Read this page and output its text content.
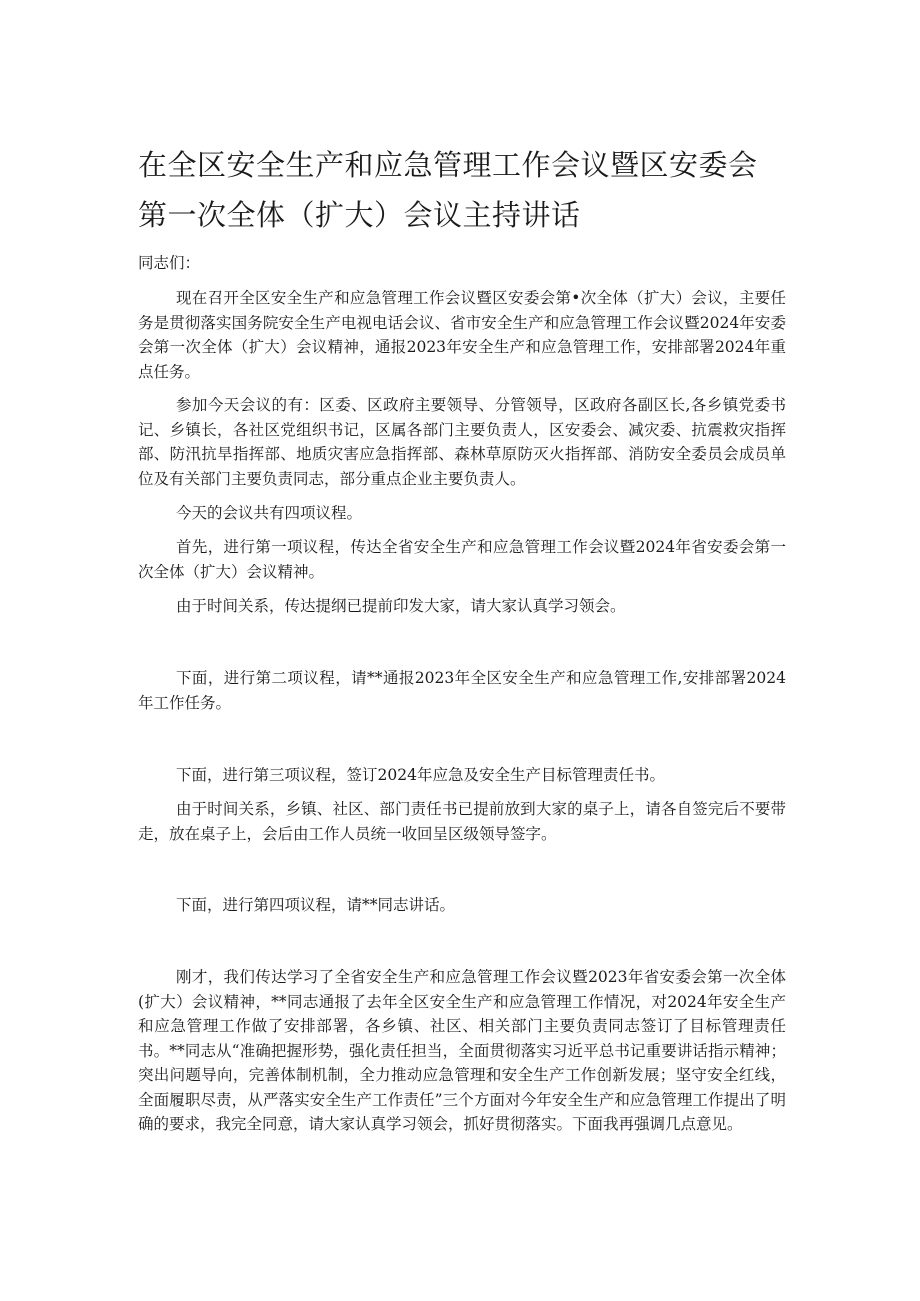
在全区安全生产和应急管理工作会议暨区安委会第一次全体（扩大）会议主持讲话

同志们：

现在召开全区安全生产和应急管理工作会议暨区安委会第•次全体（扩大）会议，主要任务是贯彻落实国务院安全生产电视电话会议、省市安全生产和应急管理工作会议暨2024年安委会第一次全体（扩大）会议精神，通报2023年安全生产和应急管理工作，安排部署2024年重点任务。

参加今天会议的有：区委、区政府主要领导、分管领导，区政府各副区长,各乡镇党委书记、乡镇长，各社区党组织书记，区属各部门主要负责人，区安委会、减灾委、抗震救灾指挥部、防汛抗旱指挥部、地质灾害应急指挥部、森林草原防灭火指挥部、消防安全委员会成员单位及有关部门主要负责同志，部分重点企业主要负责人。

今天的会议共有四项议程。

首先，进行第一项议程，传达全省安全生产和应急管理工作会议暨2024年省安委会第一次全体（扩大）会议精神。

由于时间关系，传达提纲已提前印发大家，请大家认真学习领会。

下面，进行第二项议程，请**通报2023年全区安全生产和应急管理工作,安排部署2024年工作任务。

下面，进行第三项议程，签订2024年应急及安全生产目标管理责任书。

由于时间关系，乡镇、社区、部门责任书已提前放到大家的桌子上，请各自签完后不要带走，放在桌子上，会后由工作人员统一收回呈区级领导签字。

下面，进行第四项议程，请**同志讲话。

刚才，我们传达学习了全省安全生产和应急管理工作会议暨2023年省安委会第一次全体(扩大）会议精神，**同志通报了去年全区安全生产和应急管理工作情况，对2024年安全生产和应急管理工作做了安排部署，各乡镇、社区、相关部门主要负责同志签订了目标管理责任书。**同志从“准确把握形势，强化责任担当，全面贯彻落实习近平总书记重要讲话指示精神；突出问题导向，完善体制机制，全力推动应急管理和安全生产工作创新发展；坚守安全红线，全面履职尽责，从严落实安全生产工作责任”三个方面对今年安全生产和应急管理工作提出了明确的要求，我完全同意，请大家认真学习领会，抓好贯彻落实。下面我再强调几点意见。
